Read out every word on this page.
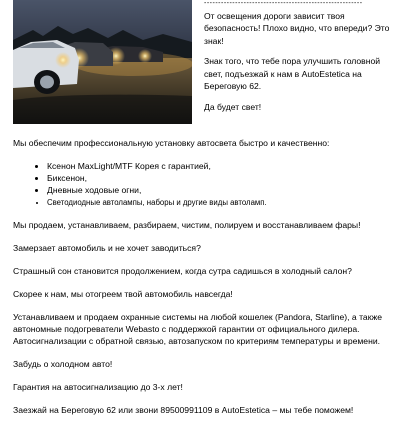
--------------------------------------------------------

От освещения дороги зависит твоя безопасность! Плохо видно, что впереди? Это знак!

Знак того, что тебе пора улучшить головной свет, подъезжай к нам в AutoEstetica на Береговую 62.

Да будет свет!

Мы обеспечим профессиональную установку автосвета быстро и качественно:

• Ксенон MaxLight/MTF Корея с гарантией,
• Биксенон,
• Дневные ходовые огни,
• Светодиодные автолампы, наборы и другие виды автоламп.

Мы продаем, устанавливаем, разбираем, чистим, полируем и восстанавливаем фары!

Замерзает автомобиль и не хочет заводиться?

Страшный сон становится продолжением, когда сутра садишься в холодный салон?

Скорее к нам, мы отогреем твой автомобиль навсегда!

Устанавливаем и продаем охранные системы на любой кошелек (Pandora, Starline), а также автономные подогреватели Webasto с поддержкой гарантии от официального дилера. Автосигнализации с обратной связью, автозапуском по критериям температуры и времени.

Забудь о холодном авто!

Гарантия на автосигнализацию до 3-х лет!

Заезжай на Береговую 62 или звони 89500991109 в AutoEstetica – мы тебе поможем!
